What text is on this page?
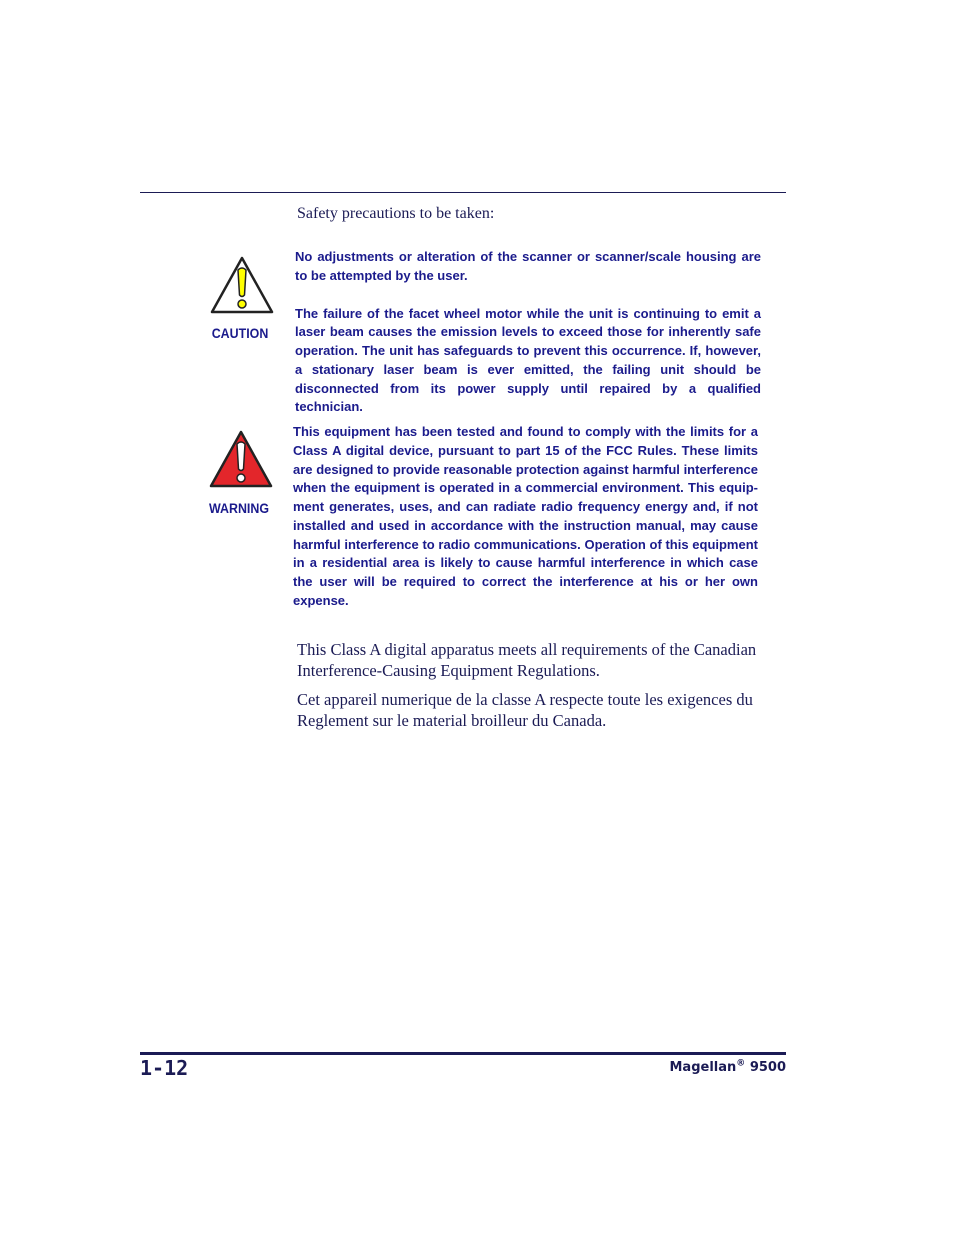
Safety precautions to be taken:
CAUTION

No adjustments or alteration of the scanner or scanner/scale housing are to be attempted by the user.

The failure of the facet wheel motor while the unit is continuing to emit a laser beam causes the emission levels to exceed those for inherently safe operation. The unit has safeguards to prevent this occurrence. If, however, a stationary laser beam is ever emitted, the failing unit should be disconnected from its power supply until repaired by a qualified technician.

WARNING

This equipment has been tested and found to comply with the limits for a Class A digital device, pursuant to part 15 of the FCC Rules. These limits are designed to provide reasonable protection against harmful interference when the equipment is operated in a commercial environment. This equip-ment generates, uses, and can radiate radio frequency energy and, if not installed and used in accordance with the instruction manual, may cause harmful interference to radio communications. Operation of this equipment in a residential area is likely to cause harmful interference in which case the user will be required to correct the interference at his or her own expense.

This Class A digital apparatus meets all requirements of the Canadian Interference-Causing Equipment Regulations.

Cet appareil numerique de la classe A respecte toute les exigences du Reglement sur le material broilleur du Canada.

1-12	Magellan® 9500
